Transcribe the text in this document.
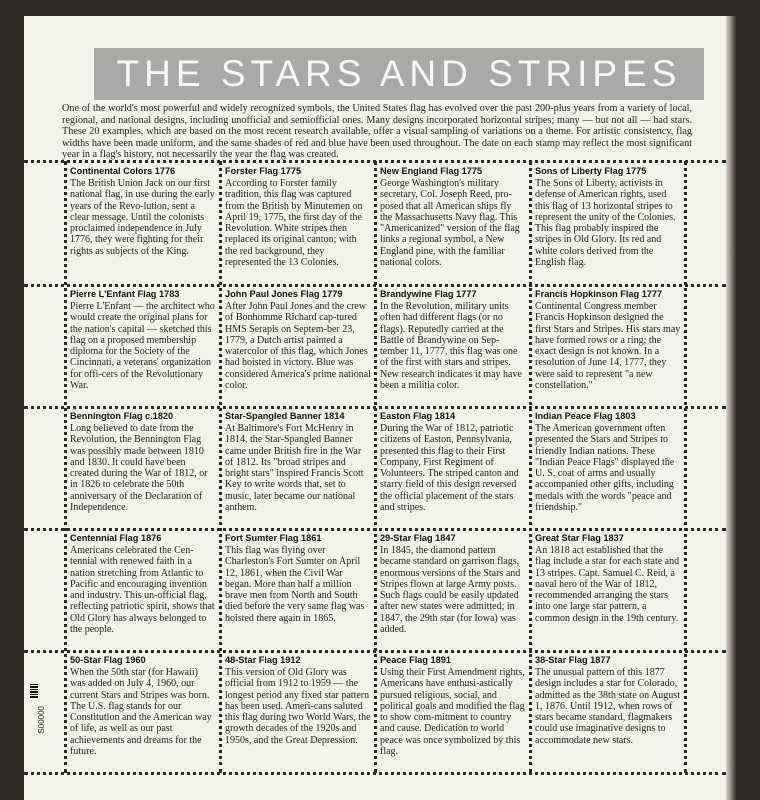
THE STARS AND STRIPES

One of the world's most powerful and widely recognized symbols, the United States flag has evolved over the past 200-plus years from a variety of local, regional, and national designs, including unofficial and semiofficial ones. Many designs incorporated horizontal stripes; many — but not all — had stars. These 20 examples, which are based on the most recent research available, offer a visual sampling of variations on a theme. For artistic consistency, flag widths have been made uniform, and the same shades of red and blue have been used throughout. The date on each stamp may reflect the most significant year in a flag's history, not necessarily the year the flag was created.

S00000
Continental Colors 1776

The British Union Jack on our first national flag, in use during the early years of the Revo-lution, sent a clear message. Until the colonists proclaimed independence in July 1776, they were fighting for their rights as subjects of the King.

Forster Flag 1775

According to Forster family tradition, this flag was captured from the British by Minutemen on April 19, 1775, the first day of the Revolution. White stripes then replaced its original canton; with the red background, they represented the 13 Colonies.

New England Flag 1775

George Washington's military secretary, Col. Joseph Reed, pro-posed that all American ships fly the Massachusetts Navy flag. This "Americanized" version of the flag links a regional symbol, a New England pine, with the familiar national colors.

Sons of Liberty Flag 1775

The Sons of Liberty, activists in defense of American rights, used this flag of 13 horizontal stripes to represent the unity of the Colonies. This flag probably inspired the stripes in Old Glory. Its red and white colors derived from the English flag.

Pierre L'Enfant Flag 1783

Pierre L'Enfant — the architect who would create the original plans for the nation's capital — sketched this flag on a proposed membership diploma for the Society of the Cincinnati, a veterans' organization for offi-cers of the Revolutionary War.

John Paul Jones Flag 1779

After John Paul Jones and the crew of Bonhomme Richard cap-tured HMS Serapis on Septem-ber 23, 1779, a Dutch artist painted a watercolor of this flag, which Jones had hoisted in victory. Blue was considered America's prime national color.

Brandywine Flag 1777

In the Revolution, military units often had different flags (or no flags). Reputedly carried at the Battle of Brandywine on Sep-tember 11, 1777, this flag was one of the first with stars and stripes. New research indicates it may have been a militia color.

Francis Hopkinson Flag 1777

Continental Congress member Francis Hopkinson designed the first Stars and Stripes. His stars may have formed rows or a ring; the exact design is not known. In a resolution of June 14, 1777, they were said to represent "a new constellation."

Bennington Flag c.1820

Long believed to date from the Revolution, the Bennington Flag was possibly made between 1810 and 1830. It could have been created during the War of 1812, or in 1826 to celebrate the 50th anniversary of the Declaration of Independence.

Star-Spangled Banner 1814

At Baltimore's Fort McHenry in 1814, the Star-Spangled Banner came under British fire in the War of 1812. Its "broad stripes and bright stars" inspired Francis Scott Key to write words that, set to music, later became our national anthem.

Easton Flag 1814

During the War of 1812, patriotic citizens of Easton, Pennsylvania, presented this flag to their First Company, First Regiment of Volunteers. The striped canton and starry field of this design reversed the official placement of the stars and stripes.

Indian Peace Flag 1803

The American government often presented the Stars and Stripes to friendly Indian nations. These "Indian Peace Flags" displayed the U. S. coat of arms and usually accompanied other gifts, including medals with the words "peace and friendship."

Centennial Flag 1876

Americans celebrated the Cen-tennial with renewed faith in a nation stretching from Atlantic to Pacific and encouraging invention and industry. This un-official flag, reflecting patriotic spirit, shows that Old Glory has always belonged to the people.

Fort Sumter Flag 1861

This flag was flying over Charleston's Fort Sumter on April 12, 1861, when the Civil War began. More than half a million brave men from North and South died before the very same flag was hoisted there again in 1865.

29-Star Flag 1847

In 1845, the diamond pattern became standard on garrison flags, enormous versions of the Stars and Stripes flown at large Army posts. Such flags could be easily updated after new states were admitted; in 1847, the 29th star (for Iowa) was added.

Great Star Flag 1837

An 1818 act established that the flag include a star for each state and 13 stripes. Capt. Samuel C. Reid, a naval hero of the War of 1812, recommended arranging the stars into one large star pattern, a common design in the 19th century.

50-Star Flag 1960

When the 50th star (for Hawaii) was added on July 4, 1960, our current Stars and Stripes was born. The U.S. flag stands for our Constitution and the American way of life, as well as our past achievements and dreams for the future.

48-Star Flag 1912

This version of Old Glory was official from 1912 to 1959 — the longest period any fixed star pattern has been used. Ameri-cans saluted this flag during two World Wars, the growth decades of the 1920s and 1950s, and the Great Depression.

Peace Flag 1891

Using their First Amendment rights, Americans have enthusi-astically pursued religious, social, and political goals and modified the flag to show com-mitment to country and cause. Dedication to world peace was once symbolized by this flag.

38-Star Flag 1877

The unusual pattern of this 1877 design includes a star for Colorado, admitted as the 38th state on August 1, 1876. Until 1912, when rows of stars became standard, flagmakers could use imaginative designs to accommodate new stars.
